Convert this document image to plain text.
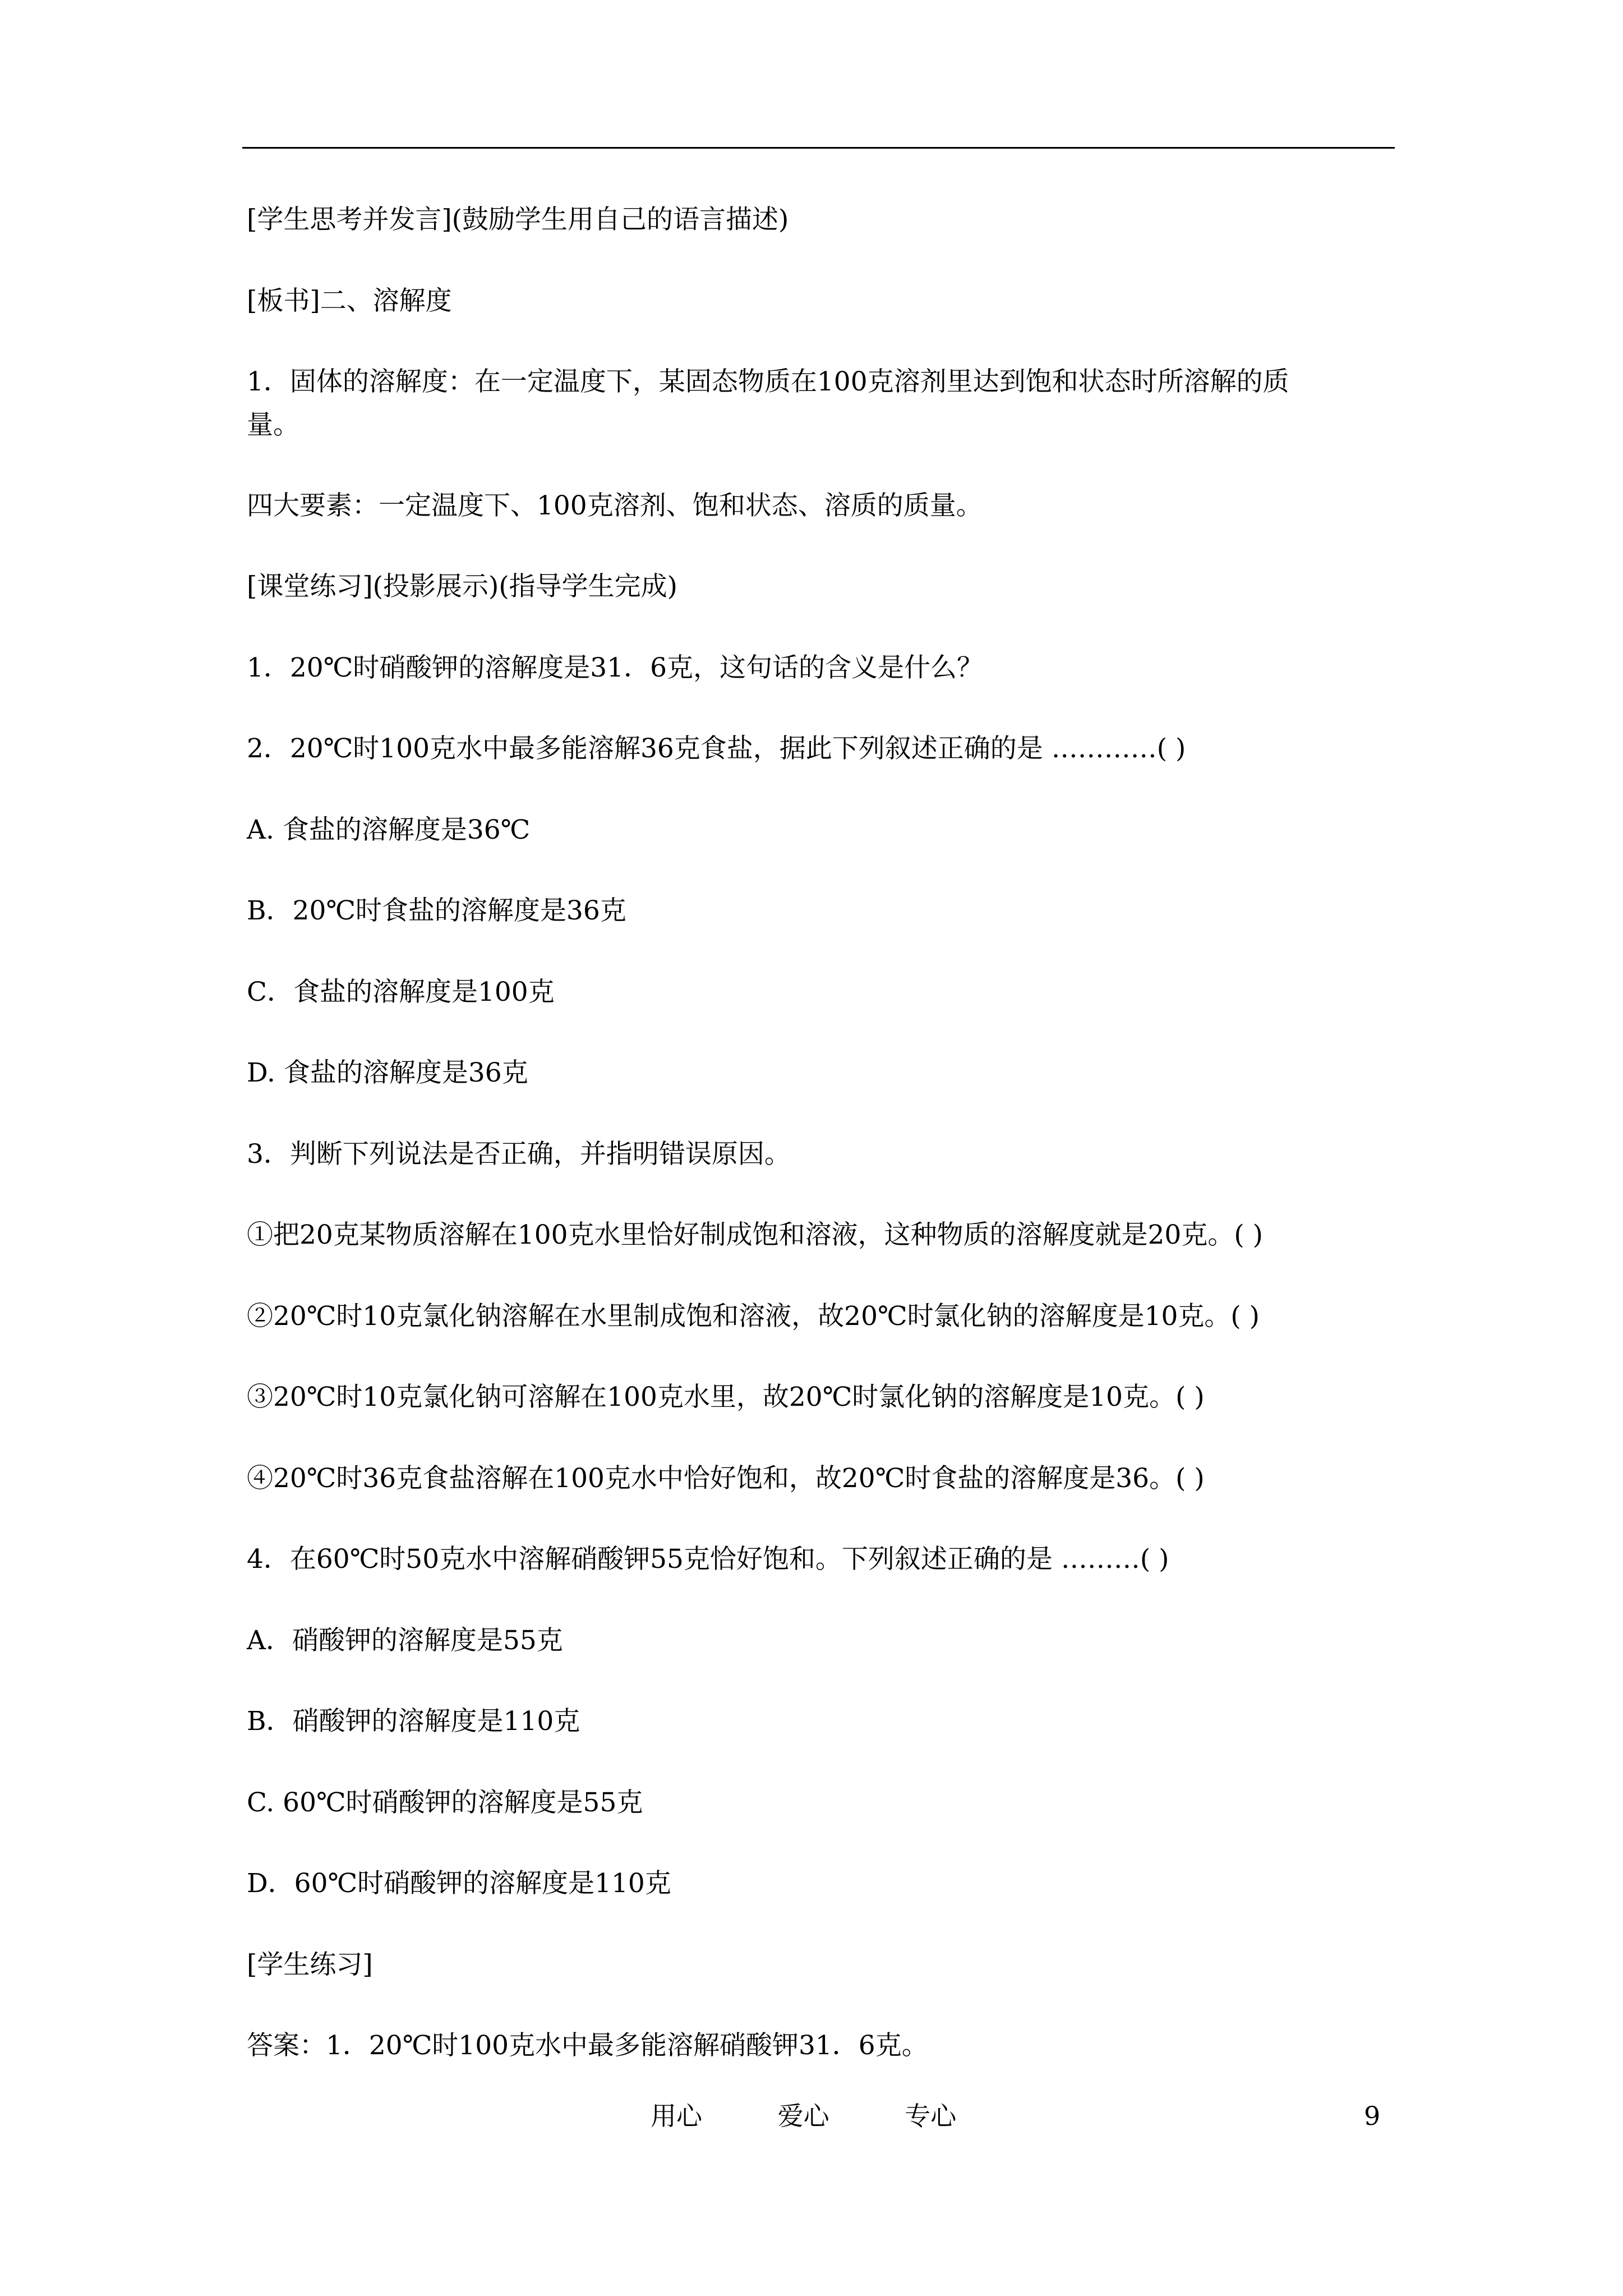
[学生思考并发言](鼓励学生用自己的语言描述)
[板书]二、溶解度
1．固体的溶解度：在一定温度下，某固态物质在100克溶剂里达到饱和状态时所溶解的质
量。
四大要素：一定温度下、100克溶剂、饱和状态、溶质的质量。
[课堂练习](投影展示)(指导学生完成)
1．20℃时硝酸钾的溶解度是31．6克，这句话的含义是什么？
2．20℃时100克水中最多能溶解36克食盐，据此下列叙述正确的是 …………( )
A. 食盐的溶解度是36℃
B．20℃时食盐的溶解度是36克
C．食盐的溶解度是100克
D. 食盐的溶解度是36克
3．判断下列说法是否正确，并指明错误原因。
①把20克某物质溶解在100克水里恰好制成饱和溶液，这种物质的溶解度就是20克。( )
②20℃时10克氯化钠溶解在水里制成饱和溶液，故20℃时氯化钠的溶解度是10克。( )
③20℃时10克氯化钠可溶解在100克水里，故20℃时氯化钠的溶解度是10克。( )
④20℃时36克食盐溶解在100克水中恰好饱和，故20℃时食盐的溶解度是36。( )
4．在60℃时50克水中溶解硝酸钾55克恰好饱和。下列叙述正确的是 ………( )
A．硝酸钾的溶解度是55克
B．硝酸钾的溶解度是110克
C. 60℃时硝酸钾的溶解度是55克
D．60℃时硝酸钾的溶解度是110克
[学生练习]
答案：1．20℃时100克水中最多能溶解硝酸钾31．6克。
用心	爱心	专心	9
